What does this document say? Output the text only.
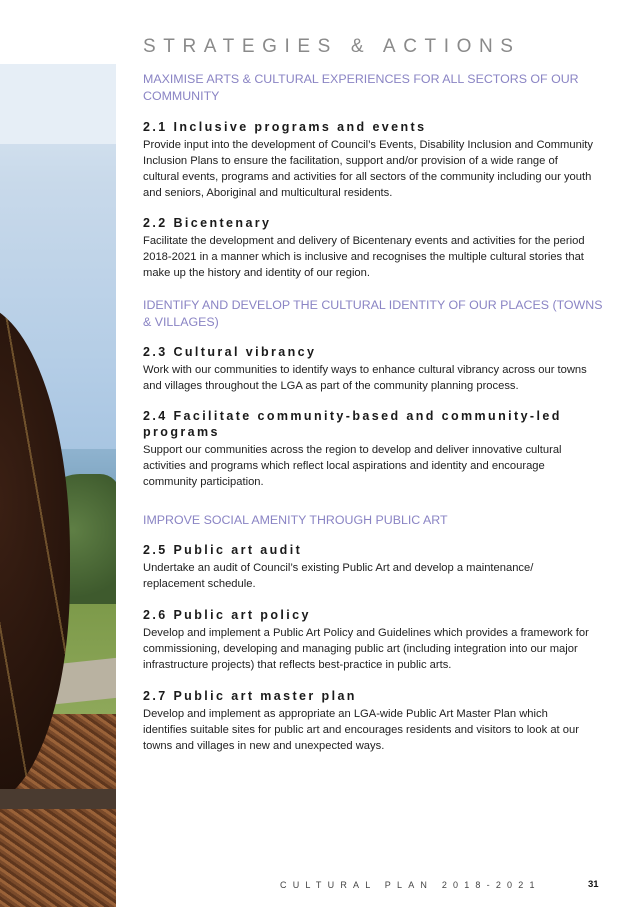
STRATEGIES & ACTIONS
MAXIMISE ARTS & CULTURAL EXPERIENCES FOR ALL SECTORS OF OUR COMMUNITY
2.1 Inclusive programs and events

Provide input into the development of Council’s Events, Disability Inclusion and Community Inclusion Plans to ensure the facilitation, support and/or provision of a wide range of cultural events, programs and activities for all sectors of the community including our youth and seniors, Aboriginal and multicultural residents.

2.2 Bicentenary

Facilitate the development and delivery of Bicentenary events and activities for the period 2018-2021 in a manner which is inclusive and recognises the multiple cultural stories that make up the history and identity of our region.

IDENTIFY AND DEVELOP THE CULTURAL IDENTITY OF OUR PLACES (TOWNS & VILLAGES)
2.3 Cultural vibrancy

Work with our communities to identify ways to enhance cultural vibrancy across our towns and villages throughout the LGA as part of the community planning process.

2.4 Facilitate community-based and community-led programs

Support our communities across the region to develop and deliver innovative cultural activities and programs which reflect local aspirations and identity and encourage community participation.

IMPROVE SOCIAL AMENITY THROUGH PUBLIC ART
2.5 Public art audit

Undertake an audit of Council’s existing Public Art and develop a maintenance/ replacement schedule.

2.6 Public art policy

Develop and implement a Public Art Policy and Guidelines which provides a framework for commissioning, developing and managing public art (including integration into our major infrastructure projects) that reflects best-practice in public arts.

2.7 Public art master plan

Develop and implement as appropriate an LGA-wide Public Art Master Plan which identifies suitable sites for public art and encourages residents and visitors to look at our towns and villages in new and unexpected ways.

CULTURAL PLAN 2018-2021	31
